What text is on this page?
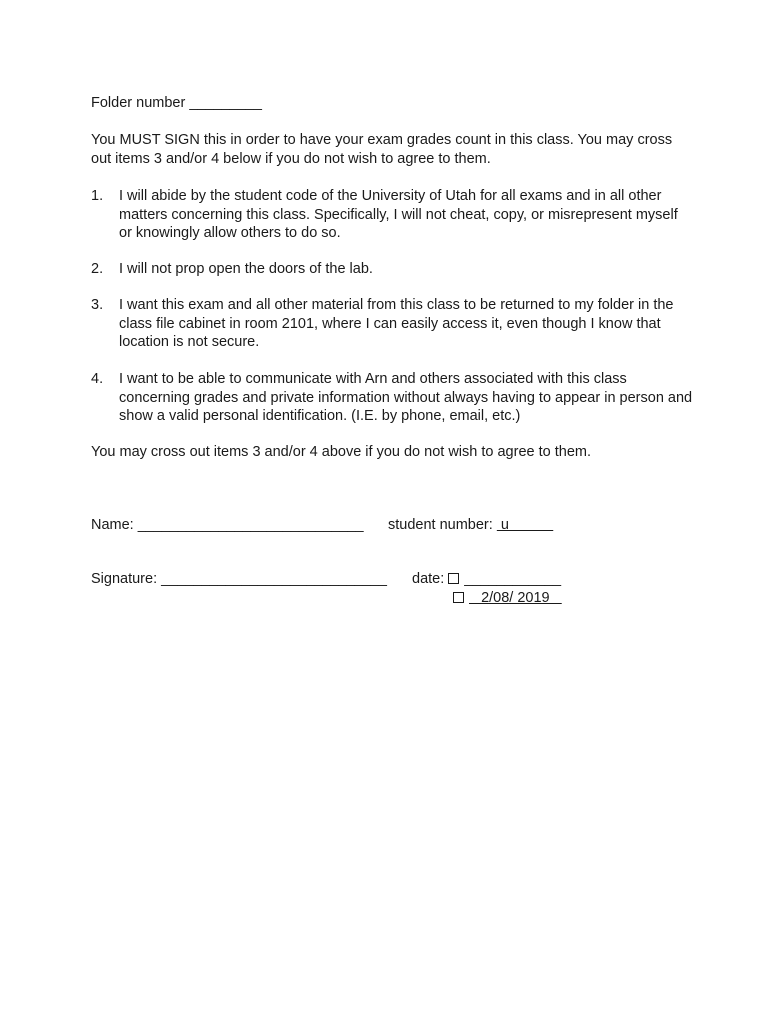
Folder number _________
You MUST SIGN this in order to have your exam grades count in this class. You may cross out items 3 and/or 4 below if you do not wish to agree to them.
1. I will abide by the student code of the University of Utah for all exams and in all other matters concerning this class. Specifically, I will not cheat, copy, or misrepresent myself or knowingly allow others to do so.
2. I will not prop open the doors of the lab.
3. I want this exam and all other material from this class to be returned to my folder in the class file cabinet in room 2101, where I can easily access it, even though I know that location is not secure.
4. I want to be able to communicate with Arn and others associated with this class concerning grades and private information without always having to appear in person and show a valid personal identification. (I.E. by phone, email, etc.)
You may cross out items 3 and/or 4 above if you do not wish to agree to them.
Name: ____________________________ student number:  u
Signature: ____________________________ date: ____________
2/08/ 2019
